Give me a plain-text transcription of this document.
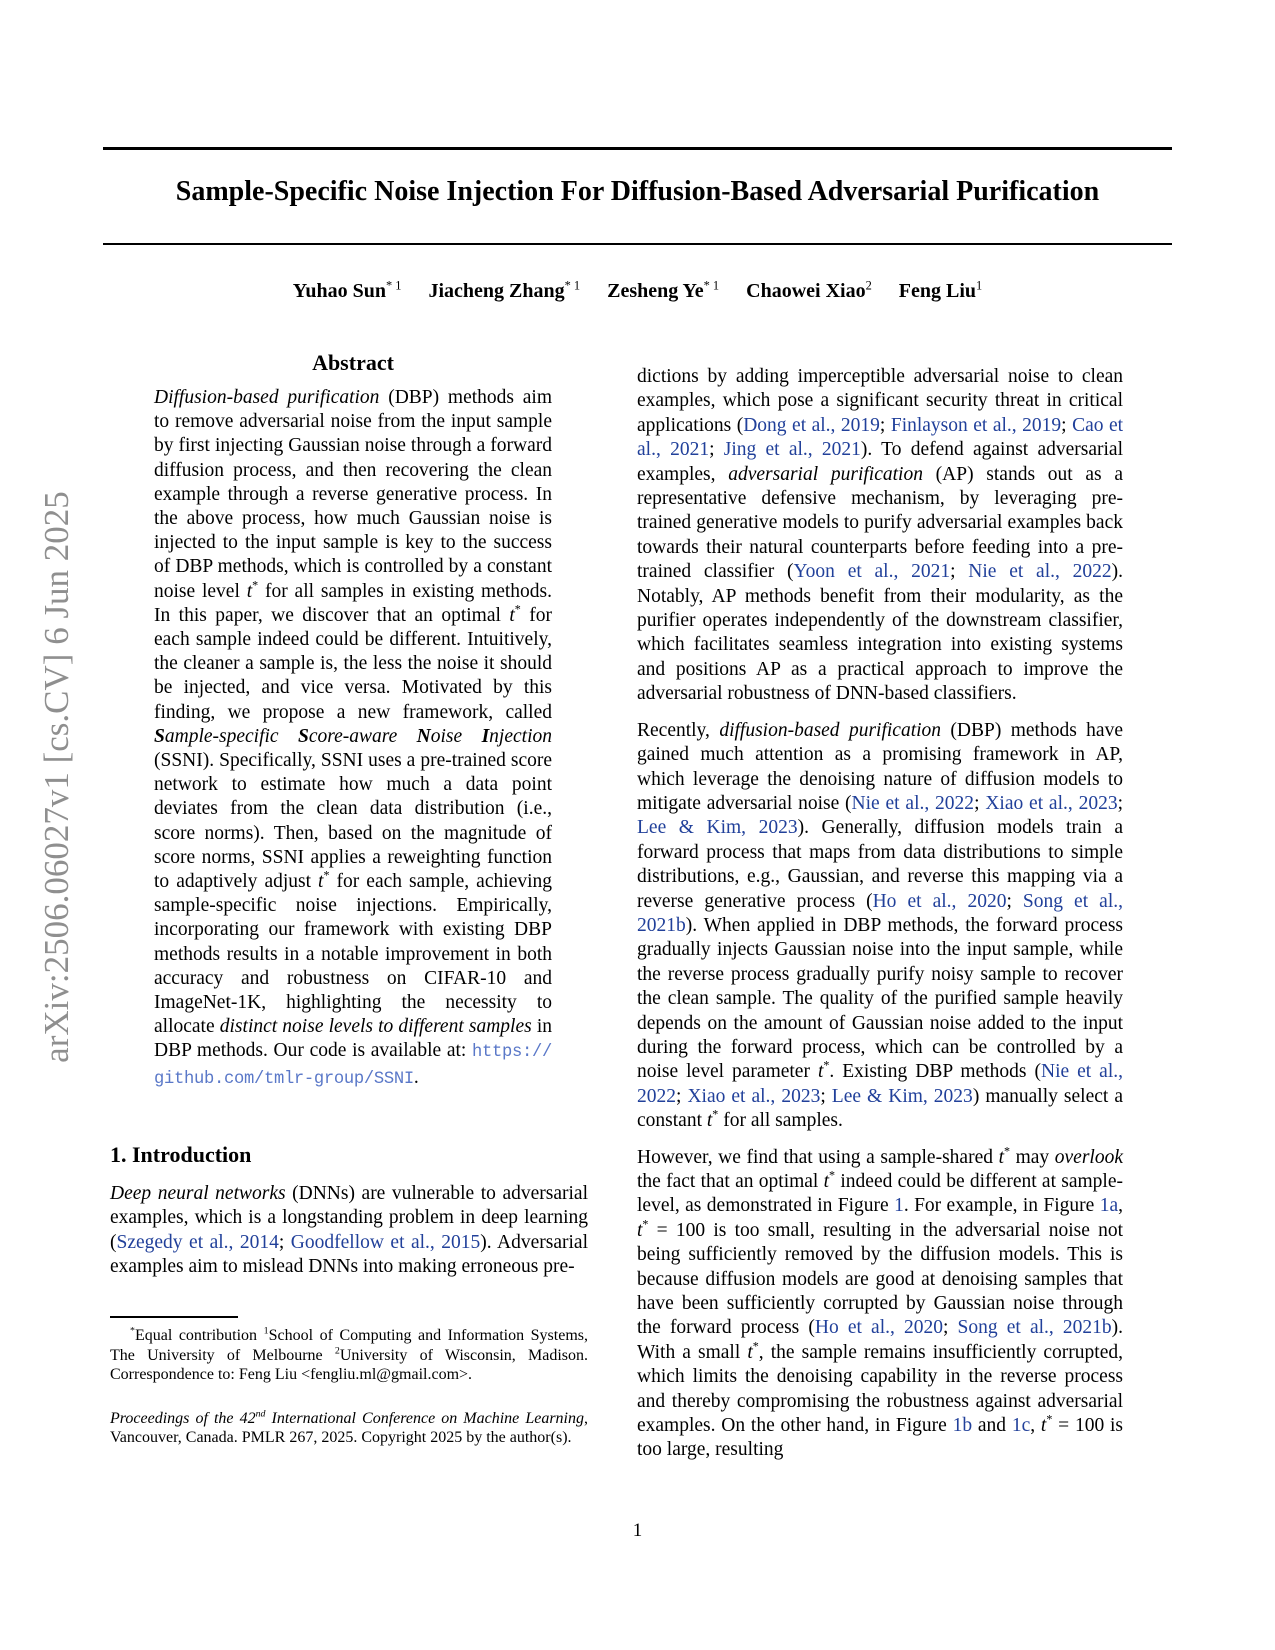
arXiv:2506.06027v1 [cs.CV] 6 Jun 2025

Sample-Specific Noise Injection For Diffusion-Based Adversarial Purification
Yuhao Sun$^{* 1}$ Jiacheng Zhang$^{* 1}$ Zesheng Ye$^{* 1}$ Chaowei Xiao$^2$ Feng Liu$^1$
Abstract

Diffusion-based purification (DBP) methods aim to remove adversarial noise from the input sample by first injecting Gaussian noise through a forward diffusion process, and then recovering the clean example through a reverse generative process. In the above process, how much Gaussian noise is injected to the input sample is key to the success of DBP methods, which is controlled by a constant noise level t* for all samples in existing methods. In this paper, we discover that an optimal t* for each sample indeed could be different. Intuitively, the cleaner a sample is, the less the noise it should be injected, and vice versa. Motivated by this finding, we propose a new framework, called Sample-specific Score-aware Noise Injection (SSNI). Specifically, SSNI uses a pre-trained score network to estimate how much a data point deviates from the clean data distribution (i.e., score norms). Then, based on the magnitude of score norms, SSNI applies a reweighting function to adaptively adjust t* for each sample, achieving sample-specific noise injections. Empirically, incorporating our framework with existing DBP methods results in a notable improvement in both accuracy and robustness on CIFAR-10 and ImageNet-1K, highlighting the necessity to allocate distinct noise levels to different samples in DBP methods. Our code is available at: https://github.com/tmlr-group/SSNI.

1. Introduction

Deep neural networks (DNNs) are vulnerable to adversarial examples, which is a longstanding problem in deep learning (Szegedy et al., 2014; Goodfellow et al., 2015). Adversarial examples aim to mislead DNNs into making erroneous pre-

*Equal contribution $^1$School of Computing and Information Systems, The University of Melbourne $^2$University of Wisconsin, Madison. Correspondence to: Feng Liu <fengliu.ml@gmail.com>.

Proceedings of the 42nd International Conference on Machine Learning, Vancouver, Canada. PMLR 267, 2025. Copyright 2025 by the author(s).

dictions by adding imperceptible adversarial noise to clean examples, which pose a significant security threat in critical applications (Dong et al., 2019; Finlayson et al., 2019; Cao et al., 2021; Jing et al., 2021). To defend against adversarial examples, adversarial purification (AP) stands out as a representative defensive mechanism, by leveraging pre-trained generative models to purify adversarial examples back towards their natural counterparts before feeding into a pre-trained classifier (Yoon et al., 2021; Nie et al., 2022). Notably, AP methods benefit from their modularity, as the purifier operates independently of the downstream classifier, which facilitates seamless integration into existing systems and positions AP as a practical approach to improve the adversarial robustness of DNN-based classifiers.

Recently, diffusion-based purification (DBP) methods have gained much attention as a promising framework in AP, which leverage the denoising nature of diffusion models to mitigate adversarial noise (Nie et al., 2022; Xiao et al., 2023; Lee & Kim, 2023). Generally, diffusion models train a forward process that maps from data distributions to simple distributions, e.g., Gaussian, and reverse this mapping via a reverse generative process (Ho et al., 2020; Song et al., 2021b). When applied in DBP methods, the forward process gradually injects Gaussian noise into the input sample, while the reverse process gradually purify noisy sample to recover the clean sample. The quality of the purified sample heavily depends on the amount of Gaussian noise added to the input during the forward process, which can be controlled by a noise level parameter t*. Existing DBP methods (Nie et al., 2022; Xiao et al., 2023; Lee & Kim, 2023) manually select a constant t* for all samples.

However, we find that using a sample-shared t* may overlook the fact that an optimal t* indeed could be different at sample-level, as demonstrated in Figure 1. For example, in Figure 1a, t* = 100 is too small, resulting in the adversarial noise not being sufficiently removed by the diffusion models. This is because diffusion models are good at denoising samples that have been sufficiently corrupted by Gaussian noise through the forward process (Ho et al., 2020; Song et al., 2021b). With a small t*, the sample remains insufficiently corrupted, which limits the denoising capability in the reverse process and thereby compromising the robustness against adversarial examples. On the other hand, in Figure 1b and 1c, t* = 100 is too large, resulting

1
